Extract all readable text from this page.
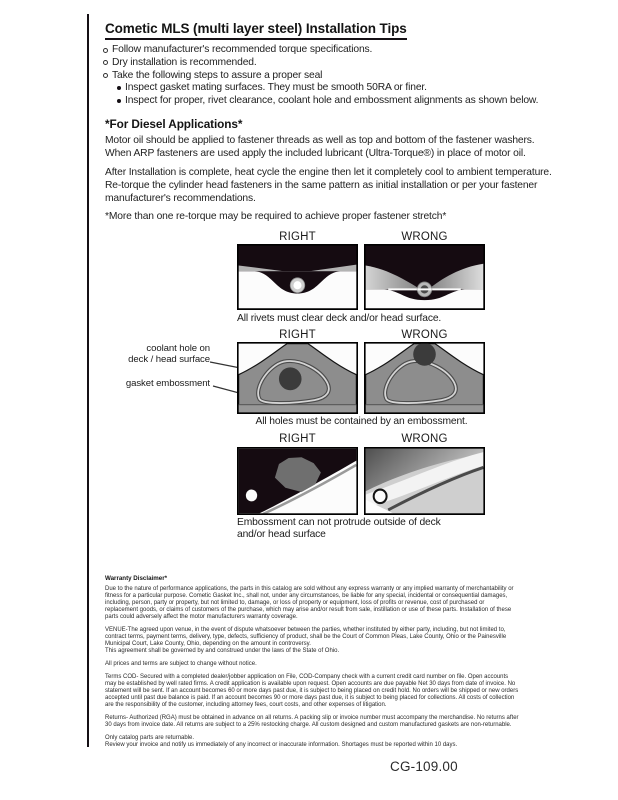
Cometic MLS (multi layer steel) Installation Tips
Follow manufacturer's recommended torque specifications.
Dry installation is recommended.
Take the following steps to assure a proper seal
Inspect gasket mating surfaces. They must be smooth 50RA or finer.
Inspect for proper, rivet clearance, coolant hole and embossment alignments as shown below.
*For Diesel Applications*
Motor oil should be applied to fastener threads as well as top and bottom of the fastener washers. When ARP fasteners are used apply the included lubricant (Ultra-Torque®) in place of motor oil.
After Installation is complete, heat cycle the engine then let it completely cool to ambient temperature. Re-torque the cylinder head fasteners in the same pattern as initial installation or per your fastener manufacturer's recommendations.
*More than one re-torque may be required to achieve proper fastener stretch*
RIGHT	WRONG
All rivets must clear deck and/or head surface.
RIGHT	WRONG
coolant hole on
deck / head surface
gasket embossment
All holes must be contained by an embossment.
RIGHT	WRONG
Embossment can not protrude outside of deck
and/or head surface
Warranty Disclaimer*

Due to the nature of performance applications, the parts in this catalog are sold without any express warranty or any implied warranty of merchantability or fitness for a particular purpose. Cometic Gasket Inc., shall not, under any circumstances, be liable for any special, incidental or consequential damages, including, person, party or property, but not limited to, damage, or loss of property or equipment, loss of profits or revenue, cost of purchased or replacement goods, or claims of customers of the purchase, which may arise and/or result from sale, instillation or use of these parts. Installation of these parts could adversely affect the motor manufacturers warranty coverage.

VENUE-The agreed upon venue, in the event of dispute whatsoever between the parties, whether instituted by either party, including, but not limited to, contract terms, payment terms, delivery, type, defects, sufficiency of product, shall be the Court of Common Pleas, Lake County, Ohio or the Painesville Municipal Court, Lake County, Ohio, depending on the amount in controversy.

This agreement shall be governed by and construed under the laws of the State of Ohio.

All prices and terms are subject to change without notice.

Terms COD- Secured with a completed dealer/jobber application on File, COD-Company check with a current credit card number on file. Open accounts may be established by well rated firms. A credit application is available upon request. Open accounts are due payable Net 30 days from date of invoice. No statement will be sent. If an account becomes 60 or more days past due, it is subject to being placed on credit hold. No orders will be shipped or new orders accepted until past due balance is paid. If an account becomes 90 or more days past due, it is subject to being placed for collections. All costs of collection are the responsibility of the customer, including attorney fees, court costs, and other expenses of litigation.

Returns- Authorized (RGA) must be obtained in advance on all returns. A packing slip or invoice number must accompany the merchandise. No returns after 30 days from invoice date. All returns are subject to a 25% restocking charge. All custom designed and custom manufactured gaskets are non-returnable.

Only catalog parts are returnable.

Review your invoice and notify us immediately of any incorrect or inaccurate information. Shortages must be reported within 10 days.

CG-109.00
